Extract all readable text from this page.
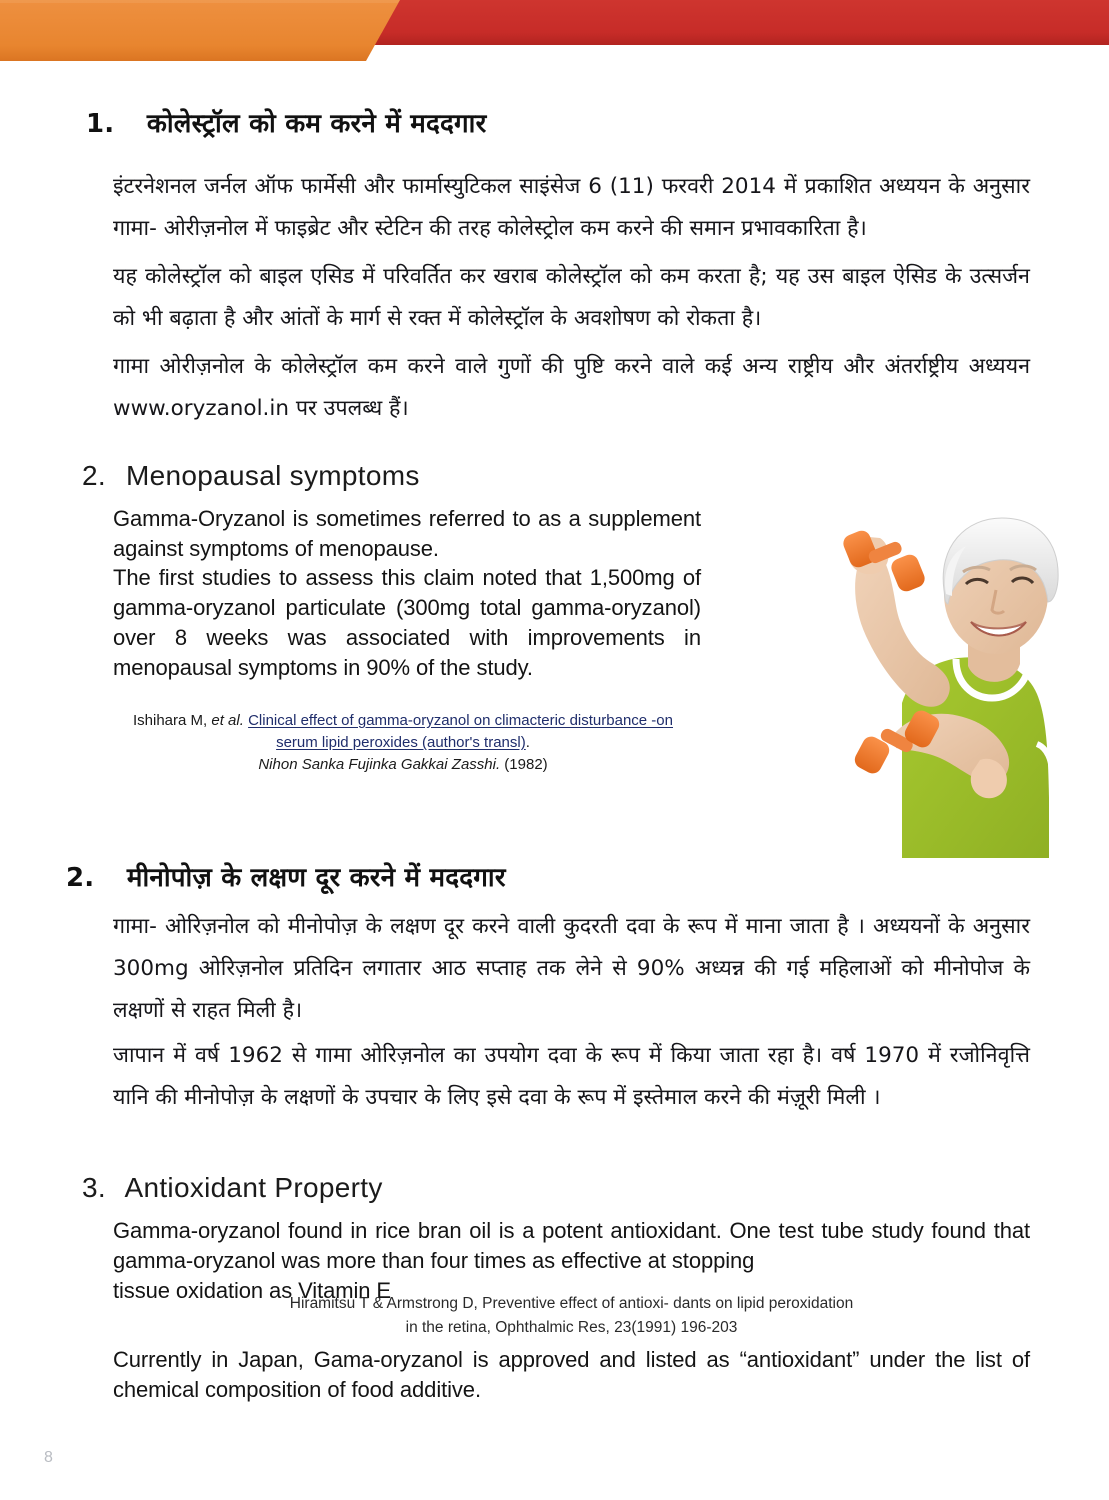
1. कोलेस्ट्रॉल को कम करने में मददगार
इंटरनेशनल जर्नल ऑफ फार्मेसी और फार्मास्युटिकल साइंसेज 6 (11) फरवरी 2014 में प्रकाशित अध्ययन के अनुसार गामा- ओरीज़नोल में फाइब्रेट और स्टेटिन की तरह कोलेस्ट्रोल कम करने की समान प्रभावकारिता है।
यह कोलेस्ट्रॉल को बाइल एसिड में परिवर्तित कर खराब कोलेस्ट्रॉल को कम करता है; यह उस बाइल ऐसिड के उत्सर्जन को भी बढ़ाता है और आंतों के मार्ग से रक्त में कोलेस्ट्रॉल के अवशोषण को रोकता है।
गामा ओरीज़नोल के कोलेस्ट्रॉल कम करने वाले गुणों की पुष्टि करने वाले कई अन्य राष्ट्रीय और अंतर्राष्ट्रीय अध्ययन www.oryzanol.in पर उपलब्ध हैं।
2. Menopausal symptoms
Gamma-Oryzanol is sometimes referred to as a supplement against symptoms of menopause.
The first studies to assess this claim noted that 1,500mg of gamma-oryzanol particulate (300mg total gamma-oryzanol) over 8 weeks was associated with improvements in menopausal symptoms in 90% of the study.
Ishihara M, et al. Clinical effect of gamma-oryzanol on climacteric disturbance -on serum lipid peroxides (author's transl).
Nihon Sanka Fujinka Gakkai Zasshi. (1982)
2. मीनोपोज़ के लक्षण दूर करने में मददगार
गामा- ओरिज़नोल को मीनोपोज़ के लक्षण दूर करने वाली कुदरती दवा के रूप में माना जाता है । अध्ययनों के अनुसार 300mg ओरिज़नोल प्रतिदिन लगातार आठ सप्ताह तक लेने से 90% अध्यन्न की गई महिलाओं को मीनोपोज के लक्षणों से राहत मिली है।
जापान में वर्ष 1962 से गामा ओरिज़नोल का उपयोग दवा के रूप में किया जाता रहा है। वर्ष 1970 में रजोनिवृत्ति यानि की मीनोपोज़ के लक्षणों के उपचार के लिए इसे दवा के रूप में इस्तेमाल करने की मंज़ूरी मिली ।
3. Antioxidant Property
Gamma-oryzanol found in rice bran oil is a potent antioxidant. One test tube study found that gamma-oryzanol was more than four times as effective at stopping
tissue oxidation as Vitamin E
Hiramitsu T & Armstrong D, Preventive effect of antioxi- dants on lipid peroxidation
in the retina, Ophthalmic Res, 23(1991) 196-203
Currently in Japan, Gama-oryzanol is approved and listed as “antioxidant” under the list of chemical composition of food additive.
8
